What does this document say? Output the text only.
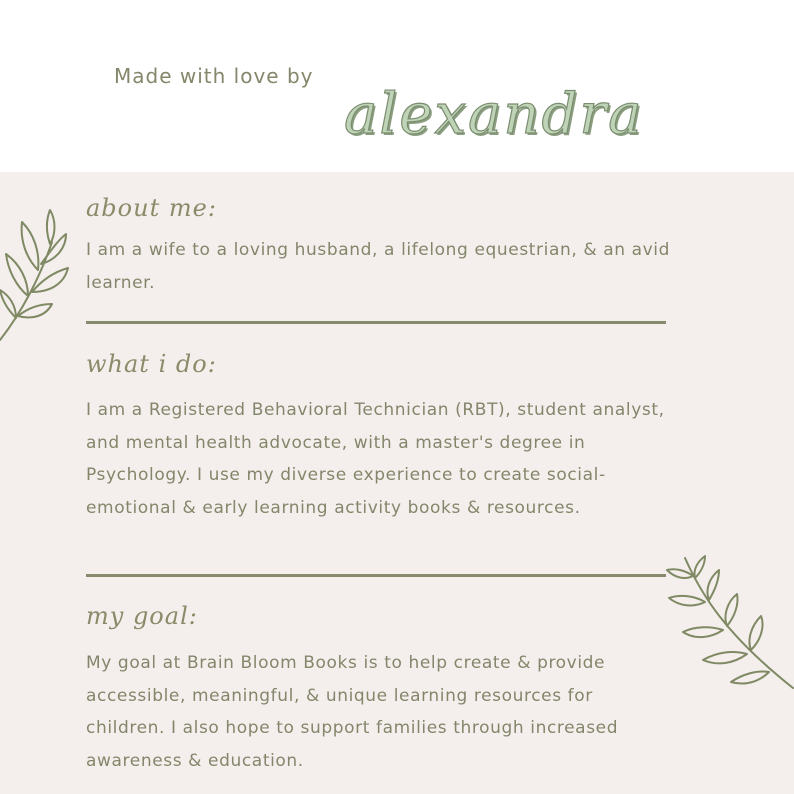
Made with love by
alexandra
about me:
I am a wife to a loving husband, a lifelong equestrian, & an avid learner.
what i do:
I am a Registered Behavioral Technician (RBT), student analyst, and mental health advocate, with a master's degree in Psychology. I use my diverse experience to create social-emotional & early learning activity books & resources.
my goal:
My goal at Brain Bloom Books is to help create & provide accessible, meaningful, & unique learning resources for children. I also hope to support families through increased awareness & education.
